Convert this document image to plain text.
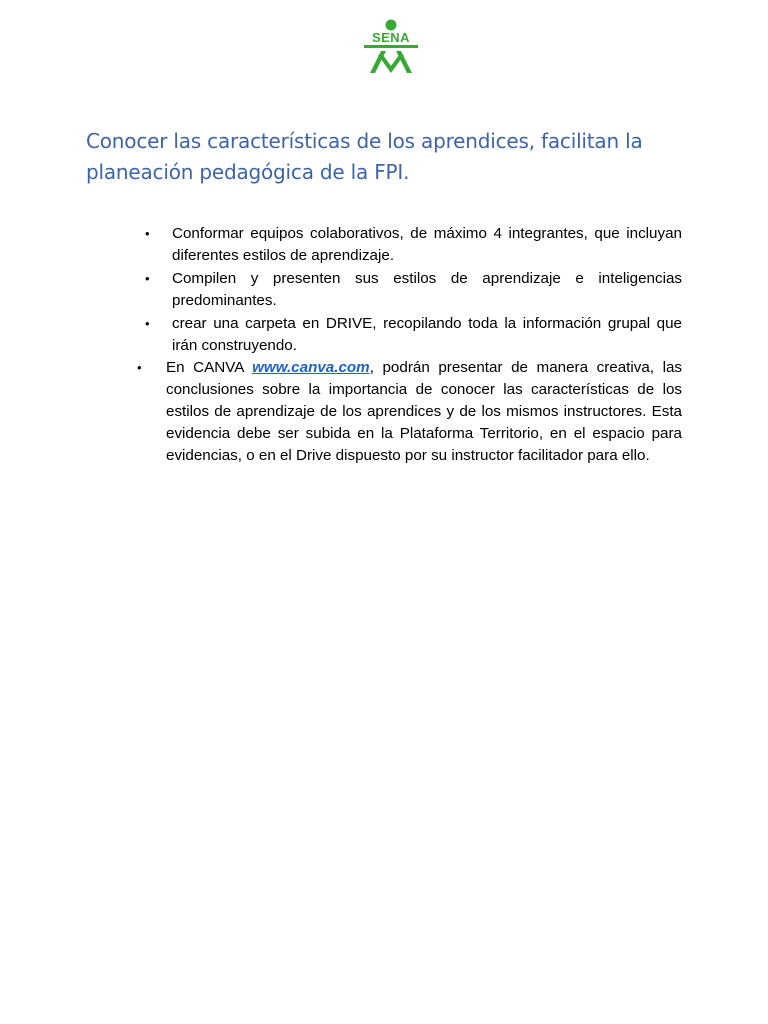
SENA
Conocer las características de los aprendices, facilitan la planeación pedagógica de la FPI.
• Conformar equipos colaborativos, de máximo 4 integrantes, que incluyan diferentes estilos de aprendizaje.
• Compilen y presenten sus estilos de aprendizaje e inteligencias predominantes.
• crear una carpeta en DRIVE, recopilando toda la información grupal que irán construyendo.
• En CANVA www.canva.com, podrán presentar de manera creativa, las conclusiones sobre la importancia de conocer las características de los estilos de aprendizaje de los aprendices y de los mismos instructores. Esta evidencia debe ser subida en la Plataforma Territorio, en el espacio para evidencias, o en el Drive dispuesto por su instructor facilitador para ello.
